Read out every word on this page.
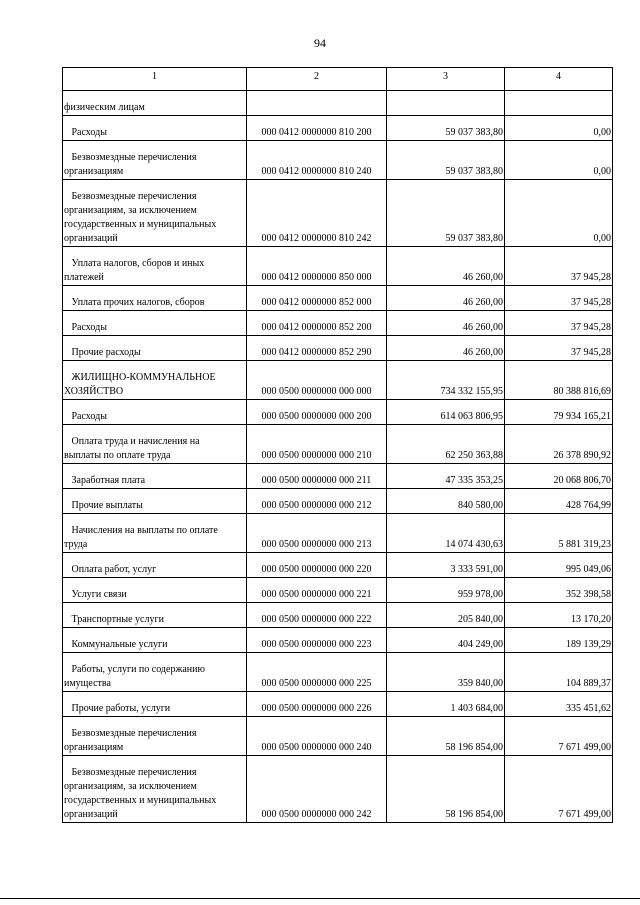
94
1	2	3	4
физическим лицам			
Расходы	000 0412 0000000 810 200	59 037 383,80	0,00
Безвозмездные перечисления
организациям	000 0412 0000000 810 240	59 037 383,80	0,00
Безвозмездные перечисления
организациям, за исключением
государственных и муниципальных
организаций	000 0412 0000000 810 242	59 037 383,80	0,00
Уплата налогов, сборов и иных
платежей	000 0412 0000000 850 000	46 260,00	37 945,28
Уплата прочих налогов, сборов	000 0412 0000000 852 000	46 260,00	37 945,28
Расходы	000 0412 0000000 852 200	46 260,00	37 945,28
Прочие расходы	000 0412 0000000 852 290	46 260,00	37 945,28
ЖИЛИЩНО-КОММУНАЛЬНОЕ
ХОЗЯЙСТВО	000 0500 0000000 000 000	734 332 155,95	80 388 816,69
Расходы	000 0500 0000000 000 200	614 063 806,95	79 934 165,21
Оплата труда и начисления на
выплаты по оплате труда	000 0500 0000000 000 210	62 250 363,88	26 378 890,92
Заработная плата	000 0500 0000000 000 211	47 335 353,25	20 068 806,70
Прочие выплаты	000 0500 0000000 000 212	840 580,00	428 764,99
Начисления на выплаты по оплате
труда	000 0500 0000000 000 213	14 074 430,63	5 881 319,23
Оплата работ, услуг	000 0500 0000000 000 220	3 333 591,00	995 049,06
Услуги связи	000 0500 0000000 000 221	959 978,00	352 398,58
Транспортные услуги	000 0500 0000000 000 222	205 840,00	13 170,20
Коммунальные услуги	000 0500 0000000 000 223	404 249,00	189 139,29
Работы, услуги по содержанию
имущества	000 0500 0000000 000 225	359 840,00	104 889,37
Прочие работы, услуги	000 0500 0000000 000 226	1 403 684,00	335 451,62
Безвозмездные перечисления
организациям	000 0500 0000000 000 240	58 196 854,00	7 671 499,00
Безвозмездные перечисления
организациям, за исключением
государственных и муниципальных
организаций	000 0500 0000000 000 242	58 196 854,00	7 671 499,00
